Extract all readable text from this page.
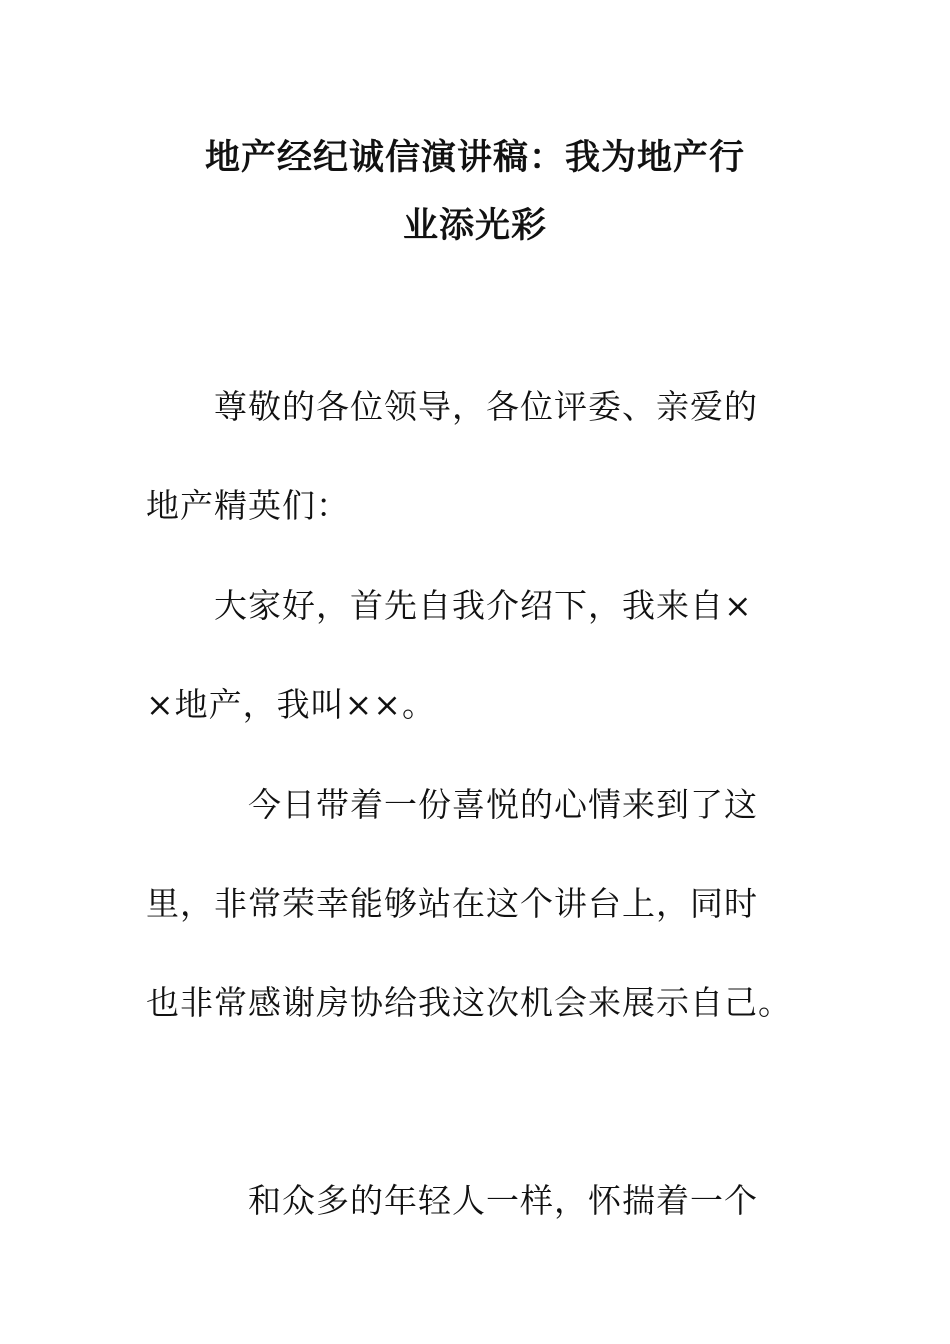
地产经纪诚信演讲稿：我为地产行
业添光彩
尊敬的各位领导，各位评委、亲爱的
地产精英们：
大家好，首先自我介绍下，我来自×
×地产，我叫××。
今日带着一份喜悦的心情来到了这
里，非常荣幸能够站在这个讲台上，同时
也非常感谢房协给我这次机会来展示自己。
和众多的年轻人一样，怀揣着一个
